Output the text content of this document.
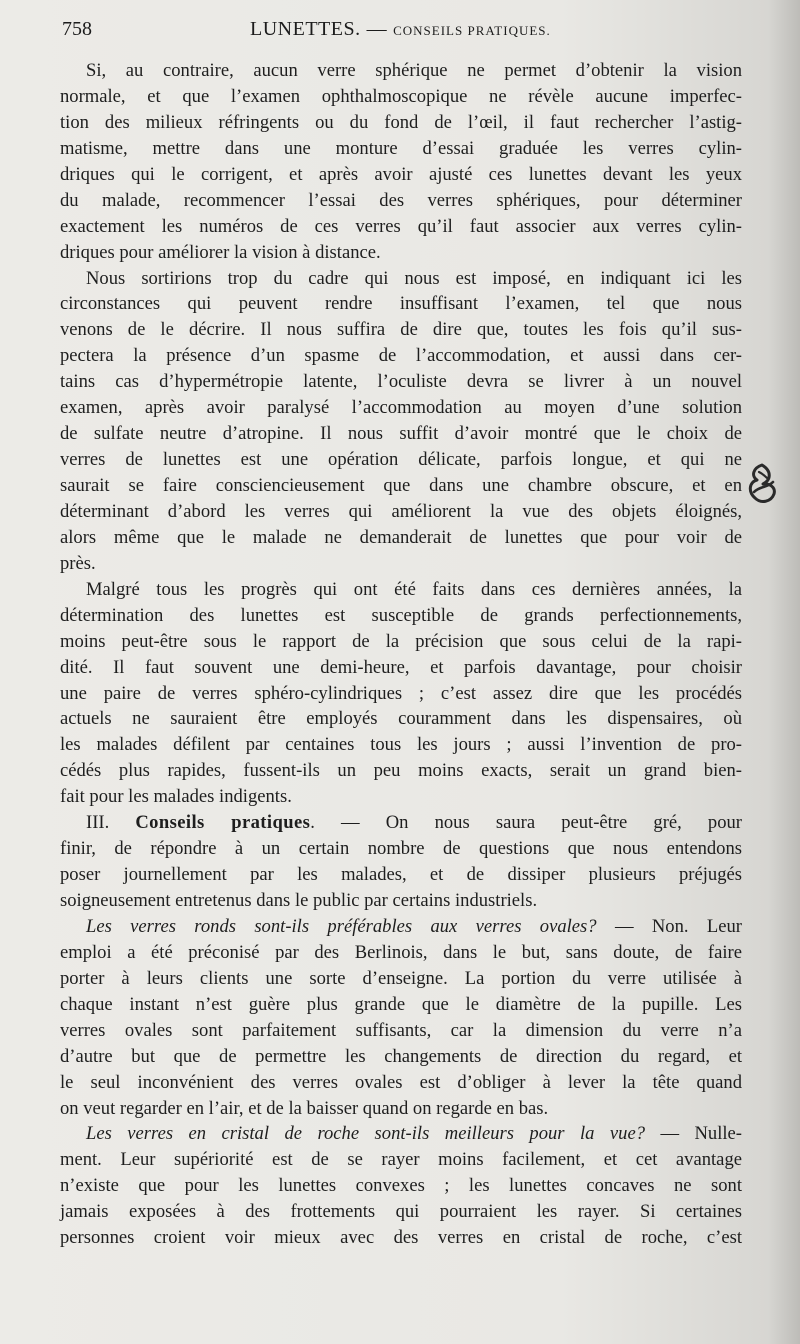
758	LUNETTES. — CONSEILS PRATIQUES.
Si, au contraire, aucun verre sphérique ne permet d’obtenir la vision
normale, et que l’examen ophthalmoscopique ne révèle aucune imperfec-
tion des milieux réfringents ou du fond de l’œil, il faut rechercher l’astig-
matisme, mettre dans une monture d’essai graduée les verres cylin-
driques qui le corrigent, et après avoir ajusté ces lunettes devant les yeux
du malade, recommencer l’essai des verres sphériques, pour déterminer
exactement les numéros de ces verres qu’il faut associer aux verres cylin-
driques pour améliorer la vision à distance.
Nous sortirions trop du cadre qui nous est imposé, en indiquant ici les
circonstances qui peuvent rendre insuffisant l’examen, tel que nous
venons de le décrire. Il nous suffira de dire que, toutes les fois qu’il sus-
pectera la présence d’un spasme de l’accommodation, et aussi dans cer-
tains cas d’hypermétropie latente, l’oculiste devra se livrer à un nouvel
examen, après avoir paralysé l’accommodation au moyen d’une solution
de sulfate neutre d’atropine. Il nous suffit d’avoir montré que le choix de
verres de lunettes est une opération délicate, parfois longue, et qui ne
saurait se faire consciencieusement que dans une chambre obscure, et en
déterminant d’abord les verres qui améliorent la vue des objets éloignés,
alors même que le malade ne demanderait de lunettes que pour voir de
près.
Malgré tous les progrès qui ont été faits dans ces dernières années, la
détermination des lunettes est susceptible de grands perfectionnements,
moins peut-être sous le rapport de la précision que sous celui de la rapi-
dité. Il faut souvent une demi-heure, et parfois davantage, pour choisir
une paire de verres sphéro-cylindriques ; c’est assez dire que les procédés
actuels ne sauraient être employés couramment dans les dispensaires, où
les malades défilent par centaines tous les jours ; aussi l’invention de pro-
cédés plus rapides, fussent-ils un peu moins exacts, serait un grand bien-
fait pour les malades indigents.
III. Conseils pratiques. — On nous saura peut-être gré, pour
finir, de répondre à un certain nombre de questions que nous entendons
poser journellement par les malades, et de dissiper plusieurs préjugés
soigneusement entretenus dans le public par certains industriels.
Les verres ronds sont-ils préférables aux verres ovales? — Non. Leur
emploi a été préconisé par des Berlinois, dans le but, sans doute, de faire
porter à leurs clients une sorte d’enseigne. La portion du verre utilisée à
chaque instant n’est guère plus grande que le diamètre de la pupille. Les
verres ovales sont parfaitement suffisants, car la dimension du verre n’a
d’autre but que de permettre les changements de direction du regard, et
le seul inconvénient des verres ovales est d’obliger à lever la tête quand
on veut regarder en l’air, et de la baisser quand on regarde en bas.
Les verres en cristal de roche sont-ils meilleurs pour la vue? — Nulle-
ment. Leur supériorité est de se rayer moins facilement, et cet avantage
n’existe que pour les lunettes convexes ; les lunettes concaves ne sont
jamais exposées à des frottements qui pourraient les rayer. Si certaines
personnes croient voir mieux avec des verres en cristal de roche, c’est
